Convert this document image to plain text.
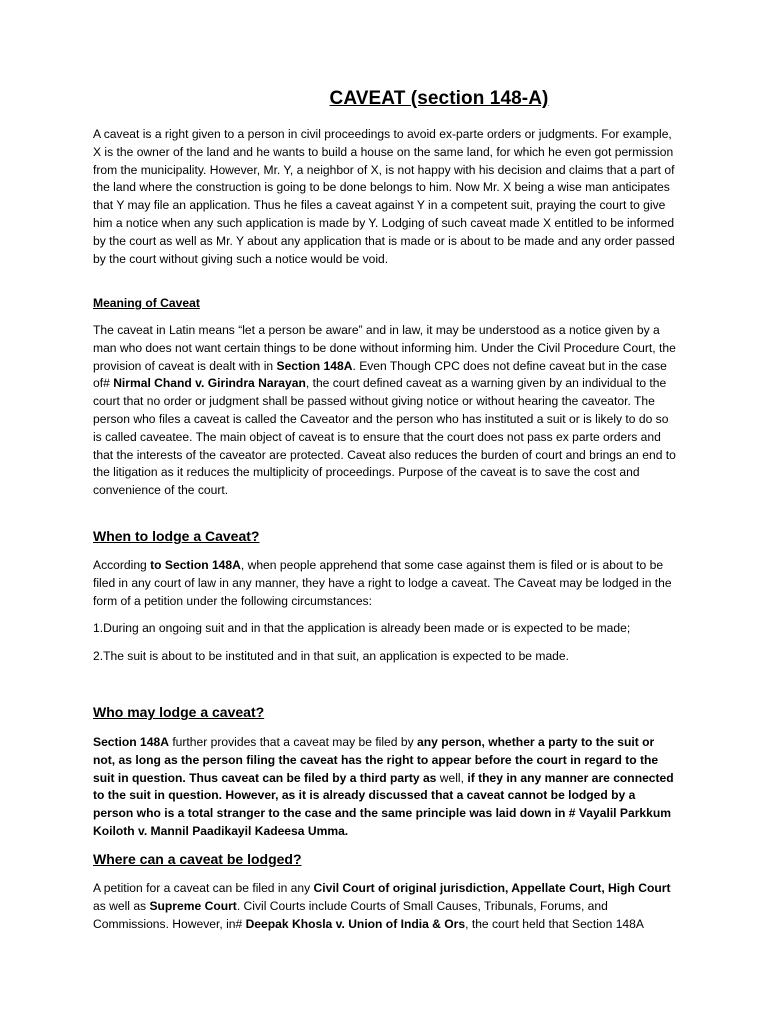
CAVEAT (section 148-A)

A caveat is a right given to a person in civil proceedings to avoid ex-parte orders or judgments. For example, X is the owner of the land and he wants to build a house on the same land, for which he even got permission from the municipality. However, Mr. Y, a neighbor of X, is not happy with his decision and claims that a part of the land where the construction is going to be done belongs to him. Now Mr. X being a wise man anticipates that Y may file an application. Thus he files a caveat against Y in a competent suit, praying the court to give him a notice when any such application is made by Y. Lodging of such caveat made X entitled to be informed by the court as well as Mr. Y about any application that is made or is about to be made and any order passed by the court without giving such a notice would be void.

Meaning of Caveat

The caveat in Latin means “let a person be aware” and in law, it may be understood as a notice given by a man who does not want certain things to be done without informing him. Under the Civil Procedure Court, the provision of caveat is dealt with in Section 148A. Even Though CPC does not define caveat but in the case of# Nirmal Chand v. Girindra Narayan, the court defined caveat as a warning given by an individual to the court that no order or judgment shall be passed without giving notice or without hearing the caveator. The person who files a caveat is called the Caveator and the person who has instituted a suit or is likely to do so is called caveatee. The main object of caveat is to ensure that the court does not pass ex parte orders and that the interests of the caveator are protected. Caveat also reduces the burden of court and brings an end to the litigation as it reduces the multiplicity of proceedings. Purpose of the caveat is to save the cost and convenience of the court.

When to lodge a Caveat?

According to Section 148A, when people apprehend that some case against them is filed or is about to be filed in any court of law in any manner, they have a right to lodge a caveat. The Caveat may be lodged in the form of a petition under the following circumstances:

1.During an ongoing suit and in that the application is already been made or is expected to be made;

2.The suit is about to be instituted and in that suit, an application is expected to be made.

Who may lodge a caveat?

Section 148A further provides that a caveat may be filed by any person, whether a party to the suit or not, as long as the person filing the caveat has the right to appear before the court in regard to the suit in question. Thus caveat can be filed by a third party as well, if they in any manner are connected to the suit in question. However, as it is already discussed that a caveat cannot be lodged by a person who is a total stranger to the case and the same principle was laid down in # Vayalil Parkkum Koiloth v. Mannil Paadikayil Kadeesa Umma.

Where can a caveat be lodged?

A petition for a caveat can be filed in any Civil Court of original jurisdiction, Appellate Court, High Court as well as Supreme Court. Civil Courts include Courts of Small Causes, Tribunals, Forums, and Commissions. However, in# Deepak Khosla v. Union of India & Ors, the court held that Section 148A
